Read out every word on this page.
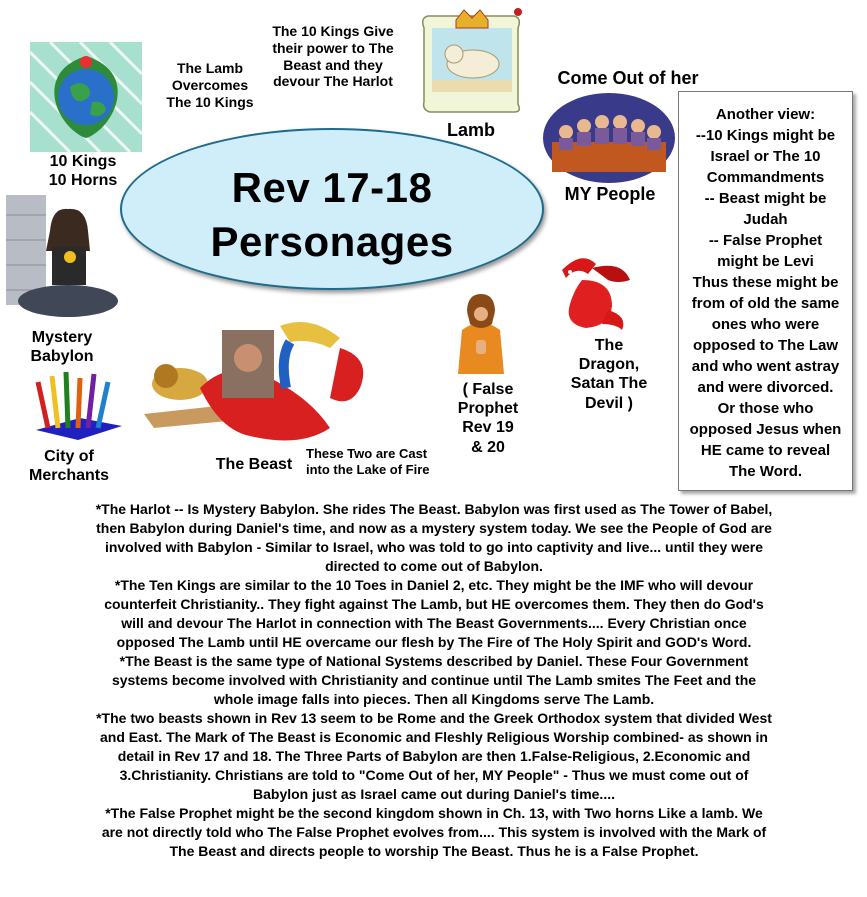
Rev 17-18
Personages
10 Kings
10 Horns
The Lamb
Overcomes
The 10 Kings
The 10 Kings Give
their power to The
Beast and they
devour The Harlot
Lamb
Come Out of her
MY People
Mystery
Babylon
City of
Merchants
The Beast
These Two are Cast
into the Lake of Fire
( False
Prophet
Rev 19
& 20
The
Dragon,
Satan The
Devil )
Another view:
--10 Kings might be
Israel or The 10
Commandments
-- Beast might be
Judah
-- False Prophet
might be Levi
Thus these might be
from of old the same
ones who were
opposed to The Law
and who went astray
and were divorced.
Or those who
opposed Jesus when
HE came to reveal
The Word.
*The Harlot -- Is Mystery Babylon. She rides The Beast. Babylon was first used as The Tower of Babel,
then Babylon during Daniel's time, and now as a mystery system today. We see the People of God are
involved with Babylon - Similar to Israel, who was told to go into captivity and live... until they were
directed to come out of Babylon.
*The Ten Kings are similar to the 10 Toes in Daniel 2, etc. They might be the IMF who will devour
counterfeit Christianity.. They fight against The Lamb, but HE overcomes them. They then do God's
will and devour The Harlot in connection with The Beast Governments.... Every Christian once
opposed The Lamb until HE overcame our flesh by The Fire of The Holy Spirit and GOD's Word.
*The Beast is the same type of National Systems described by Daniel. These Four Government
systems become involved with Christianity and continue until The Lamb smites The Feet and the
whole image falls into pieces. Then all Kingdoms serve The Lamb.
*The two beasts shown in Rev 13 seem to be Rome and the Greek Orthodox system that divided West
and East. The Mark of The Beast is Economic and Fleshly Religious Worship combined- as shown in
detail in Rev 17 and 18. The Three Parts of Babylon are then 1.False-Religious, 2.Economic and
3.Christianity. Christians are told to "Come Out of her, MY People" - Thus we must come out of
Babylon just as Israel came out during Daniel's time....
*The False Prophet might be the second kingdom shown in Ch. 13, with Two horns Like a lamb. We
are not directly told who The False Prophet evolves from.... This system is involved with the Mark of
The Beast and directs people to worship The Beast. Thus he is a False Prophet.
